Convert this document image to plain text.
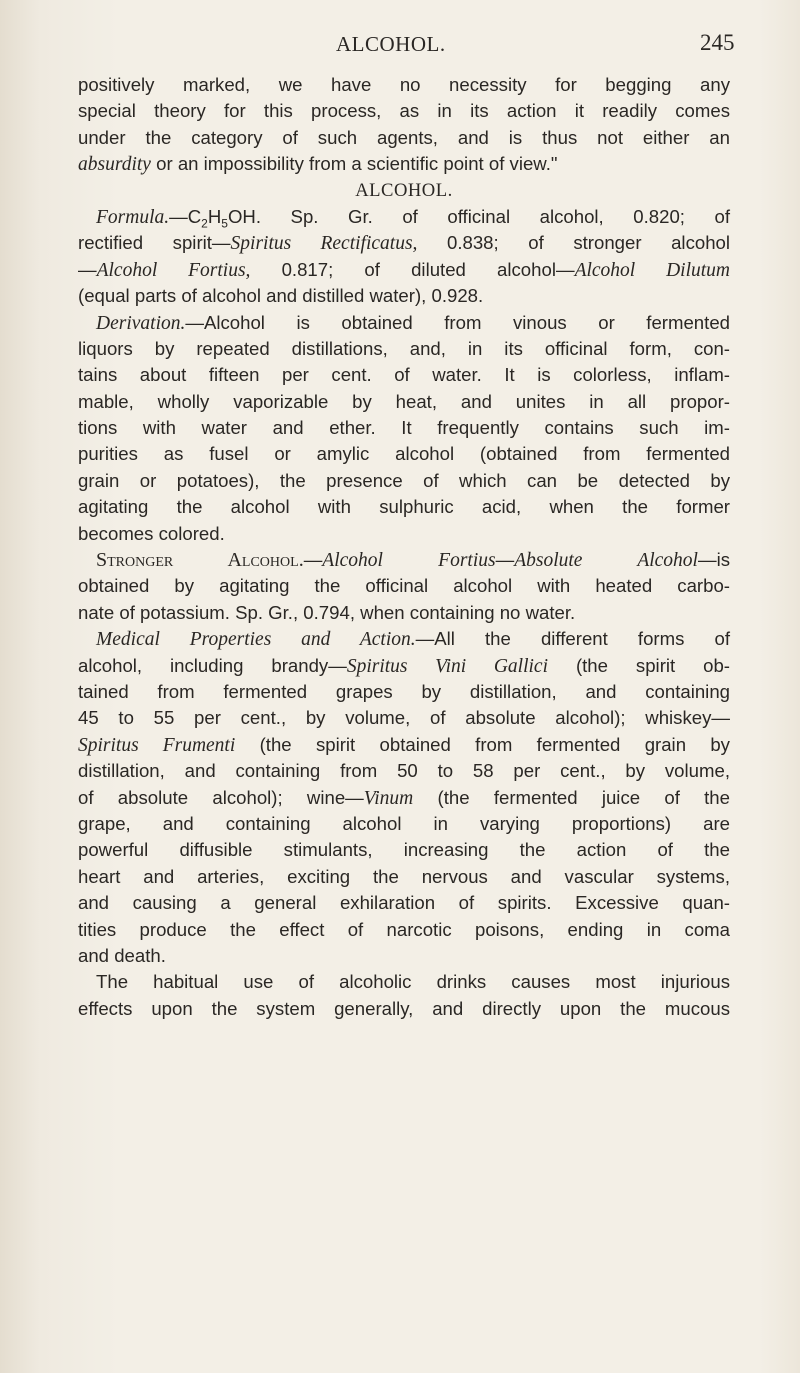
ALCOHOL.	245
positively marked, we have no necessity for begging any
special theory for this process, as in its action it readily comes
under the category of such agents, and is thus not either an
absurdity or an impossibility from a scientific point of view."
ALCOHOL.
$Formula.—C_2H_5OH$. Sp. Gr. of officinal alcohol, 0.820; of
rectified spirit—Spiritus Rectificatus, 0.838; of stronger alcohol
—Alcohol Fortius, 0.817; of diluted alcohol—Alcohol Dilutum
(equal parts of alcohol and distilled water), 0.928.
Derivation.—Alcohol is obtained from vinous or fermented
liquors by repeated distillations, and, in its officinal form, con-
tains about fifteen per cent. of water. It is colorless, inflam-
mable, wholly vaporizable by heat, and unites in all propor-
tions with water and ether. It frequently contains such im-
purities as fusel or amylic alcohol (obtained from fermented
grain or potatoes), the presence of which can be detected by
agitating the alcohol with sulphuric acid, when the former
becomes colored.
Stronger Alcohol.—Alcohol Fortius—Absolute Alcohol—is
obtained by agitating the officinal alcohol with heated carbo-
nate of potassium. Sp. Gr., 0.794, when containing no water.
Medical Properties and Action.—All the different forms of
alcohol, including brandy—Spiritus Vini Gallici (the spirit ob-
tained from fermented grapes by distillation, and containing
45 to 55 per cent., by volume, of absolute alcohol); whiskey—
Spiritus Frumenti (the spirit obtained from fermented grain by
distillation, and containing from 50 to 58 per cent., by volume,
of absolute alcohol); wine—Vinum (the fermented juice of the
grape, and containing alcohol in varying proportions) are
powerful diffusible stimulants, increasing the action of the
heart and arteries, exciting the nervous and vascular systems,
and causing a general exhilaration of spirits. Excessive quan-
tities produce the effect of narcotic poisons, ending in coma
and death.
The habitual use of alcoholic drinks causes most injurious
effects upon the system generally, and directly upon the mucous
